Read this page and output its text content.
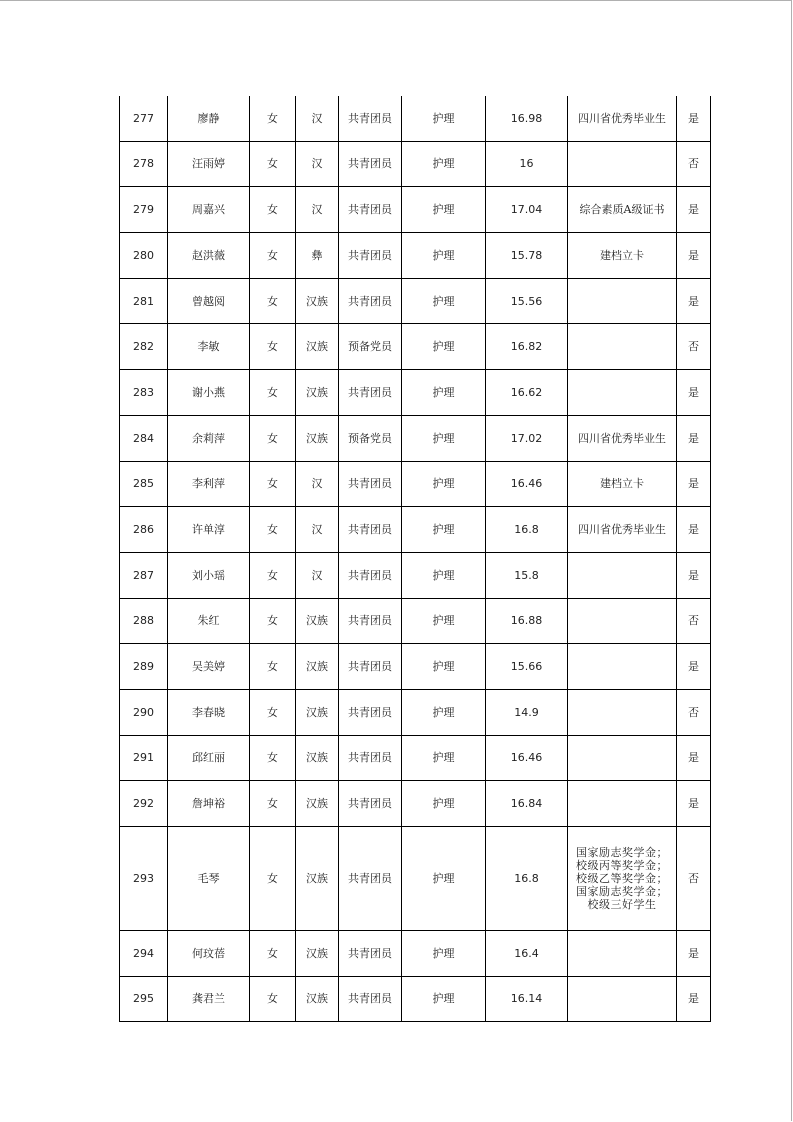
277	廖静	女	汉	共青团员	护理	16.98	四川省优秀毕业生	是
278	汪雨婷	女	汉	共青团员	护理	16		否
279	周嘉兴	女	汉	共青团员	护理	17.04	综合素质A级证书	是
280	赵洪薇	女	彝	共青团员	护理	15.78	建档立卡	是
281	曾越阅	女	汉族	共青团员	护理	15.56		是
282	李敏	女	汉族	预备党员	护理	16.82		否
283	谢小燕	女	汉族	共青团员	护理	16.62		是
284	余莉萍	女	汉族	预备党员	护理	17.02	四川省优秀毕业生	是
285	李利萍	女	汉	共青团员	护理	16.46	建档立卡	是
286	许单淳	女	汉	共青团员	护理	16.8	四川省优秀毕业生	是
287	刘小瑶	女	汉	共青团员	护理	15.8		是
288	朱红	女	汉族	共青团员	护理	16.88		否
289	吴美婷	女	汉族	共青团员	护理	15.66		是
290	李春晓	女	汉族	共青团员	护理	14.9		否
291	邱红丽	女	汉族	共青团员	护理	16.46		是
292	詹坤裕	女	汉族	共青团员	护理	16.84		是
293	毛琴	女	汉族	共青团员	护理	16.8	国家励志奖学金；校级丙等奖学金；校级乙等奖学金；国家励志奖学金；校级三好学生	否
294	何玟蓓	女	汉族	共青团员	护理	16.4		是
295	龚君兰	女	汉族	共青团员	护理	16.14		是
